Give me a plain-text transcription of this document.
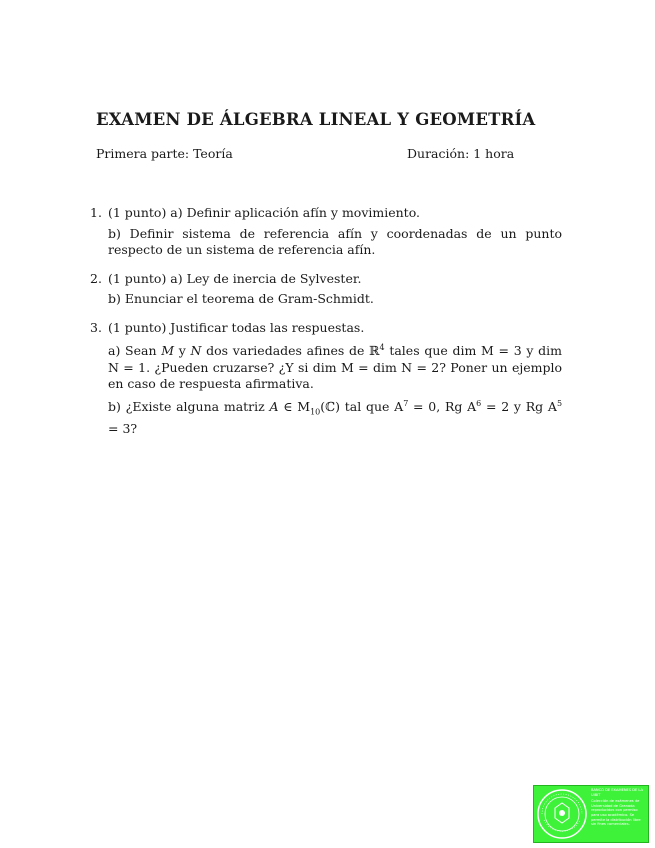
EXAMEN DE ÁLGEBRA LINEAL Y GEOMETRÍA
Primera parte: Teoría	Duración: 1 hora
1. (1 punto) a) Definir aplicación afín y movimiento.
b) Definir sistema de referencia afín y coordenadas de un punto respecto de un sistema de referencia afín.
2. (1 punto) a) Ley de inercia de Sylvester.
b) Enunciar el teorema de Gram-Schmidt.
3. (1 punto) Justificar todas las respuestas.
a) Sean M y N dos variedades afines de ℝ$^4$ tales que dim M = 3 y dim N = 1. ¿Pueden cruzarse? ¿Y si dim M = dim N = 2? Poner un ejemplo en caso de respuesta afirmativa.
b) ¿Existe alguna matriz A ∈ $M_{10}(ℂ)$ tal que $A^7 = 0$, Rg $A^6 = 2$ y Rg $A^5 = 3$?
BANCO DE EXAMENES DE LA UIBIT
Colección de exámenes de Universidad de Granada reproducidos con permiso para uso académico. Se permite la distribución libre sin fines comerciales.
